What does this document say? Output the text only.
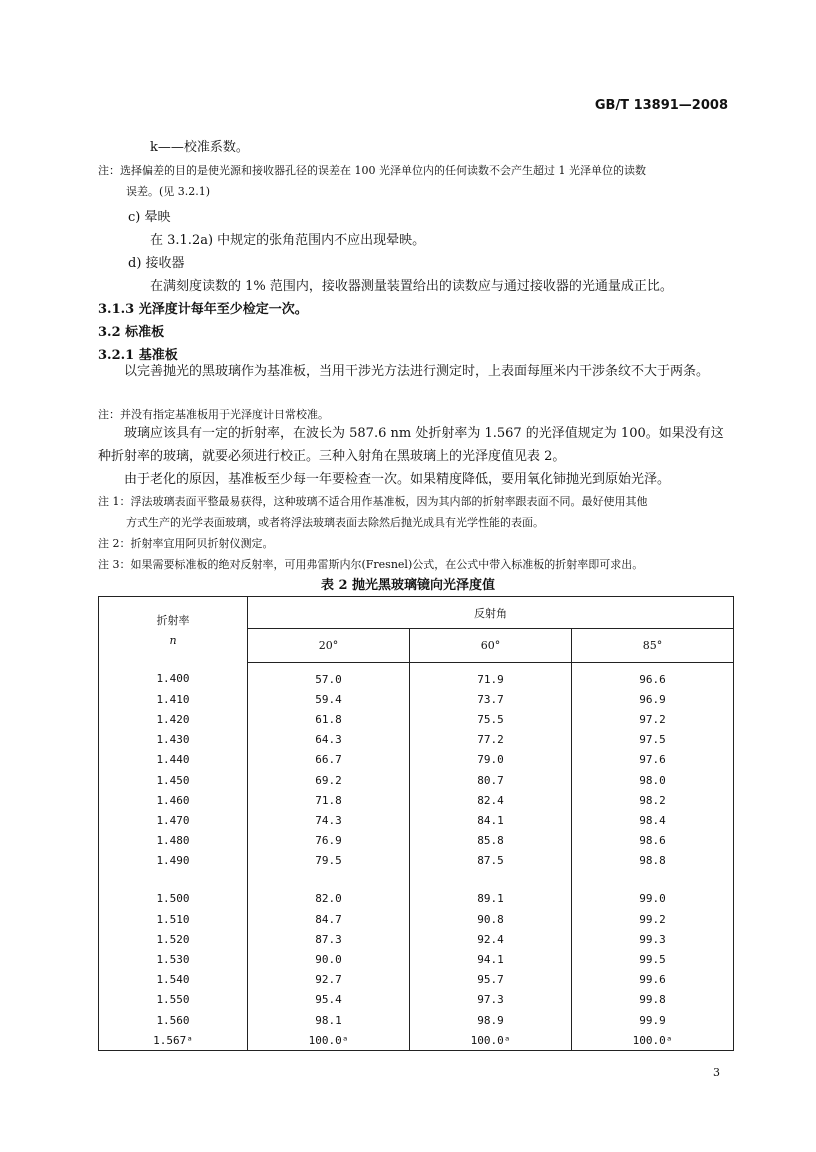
GB/T 13891—2008
k——校准系数。
注：选择偏差的目的是使光源和接收器孔径的误差在 100 光泽单位内的任何读数不会产生超过 1 光泽单位的读数
误差。(见 3.2.1)
c) 晕映
在 3.1.2a) 中规定的张角范围内不应出现晕映。
d) 接收器
在满刻度读数的 1% 范围内，接收器测量装置给出的读数应与通过接收器的光通量成正比。
3.1.3 光泽度计每年至少检定一次。
3.2 标准板
3.2.1 基准板
以完善抛光的黑玻璃作为基准板，当用干涉光方法进行测定时，上表面每厘米内干涉条纹不大于两条。
注：并没有指定基准板用于光泽度计日常校准。
玻璃应该具有一定的折射率，在波长为 587.6 nm 处折射率为 1.567 的光泽值规定为 100。如果没有这种折射率的玻璃，就要必须进行校正。三种入射角在黑玻璃上的光泽度值见表 2。
由于老化的原因，基准板至少每一年要检查一次。如果精度降低，要用氧化铈抛光到原始光泽。
注 1：浮法玻璃表面平整最易获得，这种玻璃不适合用作基准板，因为其内部的折射率跟表面不同。最好使用其他
方式生产的光学表面玻璃，或者将浮法玻璃表面去除然后抛光成具有光学性能的表面。
注 2：折射率宜用阿贝折射仪测定。
注 3：如果需要标准板的绝对反射率，可用弗雷斯内尔(Fresnel)公式，在公式中带入标准板的折射率即可求出。
表 2 抛光黑玻璃镜向光泽度值
折射率
n	反射角		
	20°	60°	85°
1.400	57.0	71.9	96.6
1.410	59.4	73.7	96.9
1.420	61.8	75.5	97.2
1.430	64.3	77.2	97.5
1.440	66.7	79.0	97.6
1.450	69.2	80.7	98.0
1.460	71.8	82.4	98.2
1.470	74.3	84.1	98.4
1.480	76.9	85.8	98.6
1.490	79.5	87.5	98.8

1.500	82.0	89.1	99.0
1.510	84.7	90.8	99.2
1.520	87.3	92.4	99.3
1.530	90.0	94.1	99.5
1.540	92.7	95.7	99.6
1.550	95.4	97.3	99.8
1.560	98.1	98.9	99.9
1.567ᵃ	100.0ᵃ	100.0ᵃ	100.0ᵃ
3
